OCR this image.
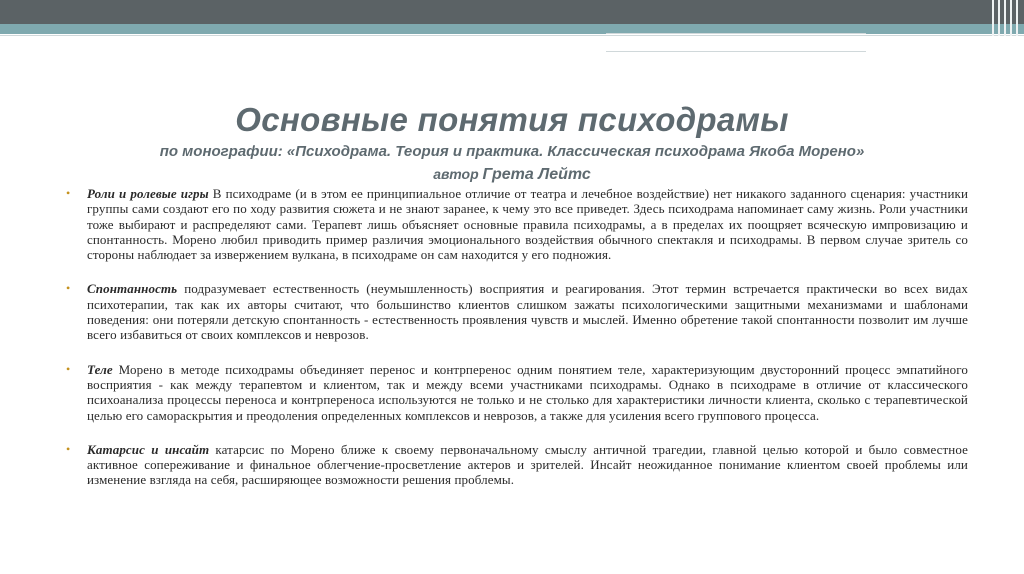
Основные понятия психодрамы
по монографии: «Психодрама. Теория и практика. Классическая психодрама Якоба Морено»
автор Грета Лейтс
• Роли и ролевые игры В психодраме (и в этом ее принципиальное отличие от театра и лечебное воздействие) нет никакого заданного сценария: участники группы сами создают его по ходу развития сюжета и не знают заранее, к чему это все приведет. Здесь психодрама напоминает саму жизнь. Роли участники тоже выбирают и распределяют сами. Терапевт лишь объясняет основные правила психодрамы, а в пределах их поощряет всяческую импровизацию и спонтанность. Морено любил приводить пример различия эмоционального воздействия обычного спектакля и психодрамы. В первом случае зритель со стороны наблюдает за извержением вулкана, в психодраме он сам находится у его подножия.

• Спонтанность подразумевает естественность (неумышленность) восприятия и реагирования. Этот термин встречается практически во всех видах психотерапии, так как их авторы считают, что большинство клиентов слишком зажаты психологическими защитными механизмами и шаблонами поведения: они потеряли детскую спонтанность - естественность проявления чувств и мыслей. Именно обретение такой спонтанности позволит им лучше всего избавиться от своих комплексов и неврозов.

• Теле Морено в методе психодрамы объединяет перенос и контрперенос одним понятием теле, характеризующим двусторонний процесс эмпатийного восприятия - как между терапевтом и клиентом, так и между всеми участниками психодрамы. Однако в психодраме в отличие от классического психоанализа процессы переноса и контрпереноса используются не только и не столько для характеристики личности клиента, сколько с терапевтической целью его самораскрытия и преодоления определенных комплексов и неврозов, а также для усиления всего группового процесса.

• Катарсис и инсайт катарсис по Морено ближе к своему первоначальному смыслу античной трагедии, главной целью которой и было совместное активное сопереживание и финальное облегчение-просветление актеров и зрителей. Инсайт неожиданное понимание клиентом своей проблемы или изменение взгляда на себя, расширяющее возможности решения проблемы.
